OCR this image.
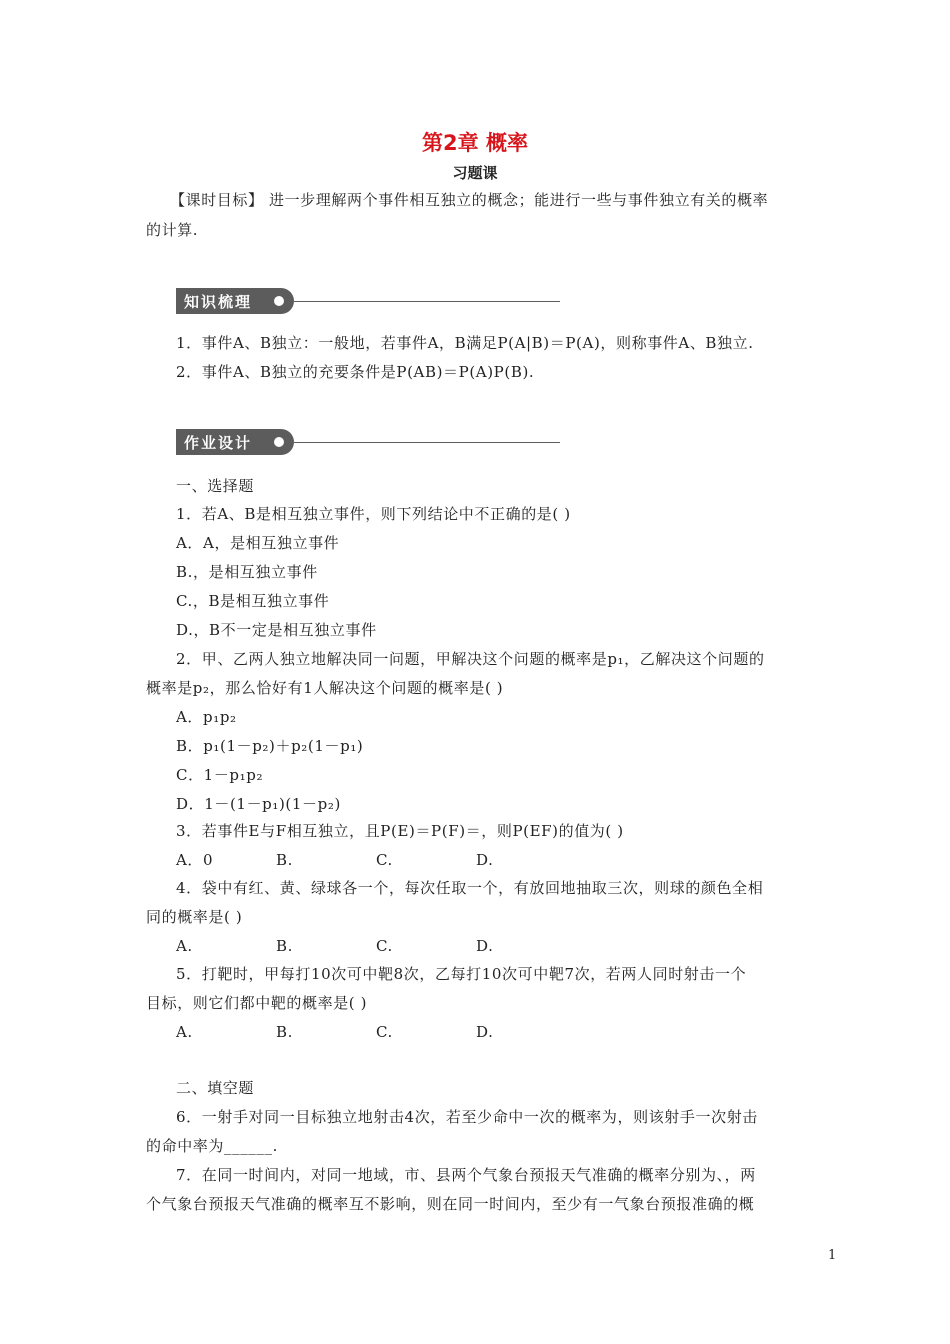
第2章 概率
习题课
【课时目标】 进一步理解两个事件相互独立的概念；能进行一些与事件独立有关的概率
的计算.
知识梳理
1．事件A、B独立：一般地，若事件A，B满足P(A|B)＝P(A)，则称事件A、B独立.
2．事件A、B独立的充要条件是P(AB)＝P(A)P(B).
作业设计
一、选择题
1．若A、B是相互独立事件，则下列结论中不正确的是( )
A．A，是相互独立事件
B.，是相互独立事件
C.，B是相互独立事件
D.，B不一定是相互独立事件
2．甲、乙两人独立地解决同一问题，甲解决这个问题的概率是p₁，乙解决这个问题的
概率是p₂，那么恰好有1人解决这个问题的概率是( )
A．p₁p₂
B．p₁(1－p₂)＋p₂(1－p₁)
C．1－p₁p₂
D．1－(1－p₁)(1－p₂)
3．若事件E与F相互独立，且P(E)＝P(F)＝，则P(EF)的值为( )
A．0	B.	C.	D.
4．袋中有红、黄、绿球各一个，每次任取一个，有放回地抽取三次，则球的颜色全相
同的概率是( )
A.	B.	C.	D.
5．打靶时，甲每打10次可中靶8次，乙每打10次可中靶7次，若两人同时射击一个
目标，则它们都中靶的概率是( )
A.	B.	C.	D.
二、填空题
6．一射手对同一目标独立地射击4次，若至少命中一次的概率为，则该射手一次射击
的命中率为______.
7．在同一时间内，对同一地域，市、县两个气象台预报天气准确的概率分别为、，两
个气象台预报天气准确的概率互不影响，则在同一时间内，至少有一气象台预报准确的概
1
